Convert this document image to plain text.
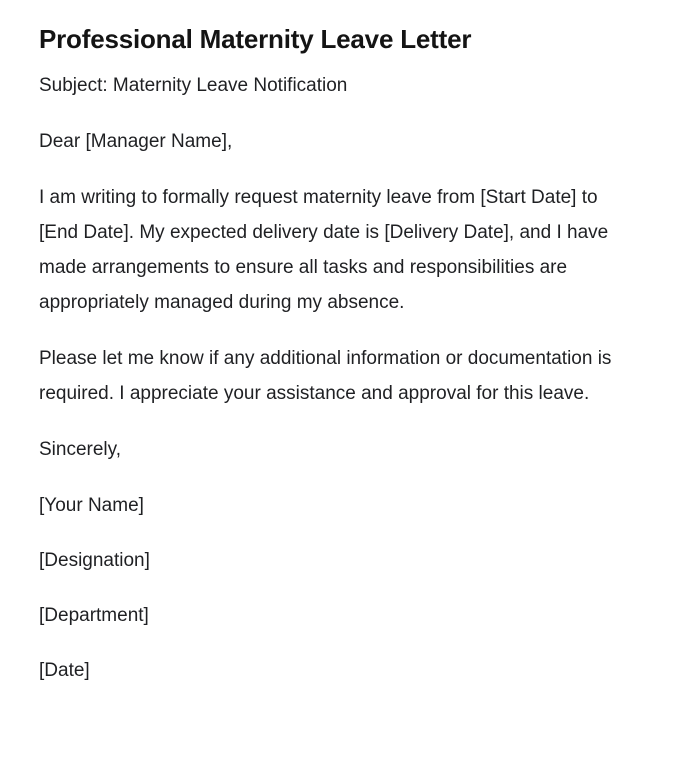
Professional Maternity Leave Letter

Subject: Maternity Leave Notification

Dear [Manager Name],

I am writing to formally request maternity leave from [Start Date] to [End Date]. My expected delivery date is [Delivery Date], and I have made arrangements to ensure all tasks and responsibilities are appropriately managed during my absence.

Please let me know if any additional information or documentation is required. I appreciate your assistance and approval for this leave.

Sincerely,

[Your Name]

[Designation]

[Department]

[Date]
